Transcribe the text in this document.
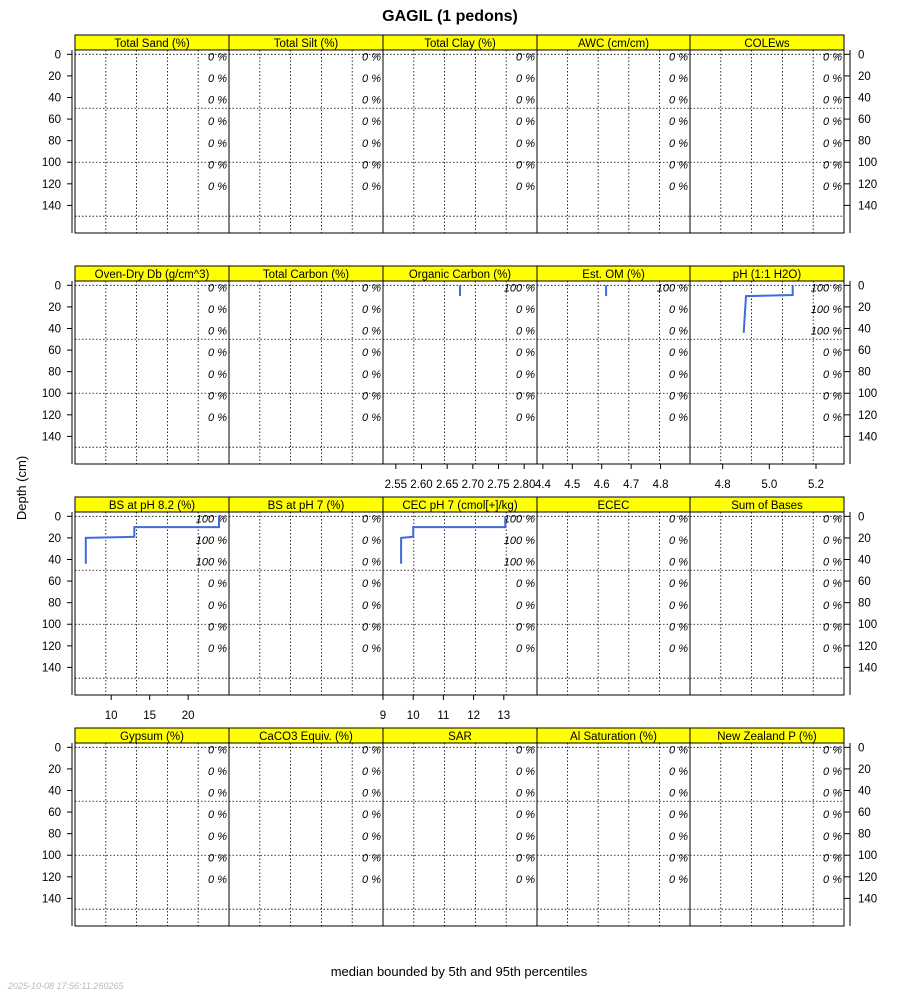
GAGIL (1 pedons)
0
20
40
60
80
100
120
140
0
20
40
60
80
100
120
140
Total Sand (%)
0 %
0 %
0 %
0 %
0 %
0 %
0 %
Total Silt (%)
0 %
0 %
0 %
0 %
0 %
0 %
0 %
Total Clay (%)
0 %
0 %
0 %
0 %
0 %
0 %
0 %
AWC (cm/cm)
0 %
0 %
0 %
0 %
0 %
0 %
0 %
COLEws
0 %
0 %
0 %
0 %
0 %
0 %
0 %
0
20
40
60
80
100
120
140
0
20
40
60
80
100
120
140
Oven-Dry Db (g/cm^3)
0 %
0 %
0 %
0 %
0 %
0 %
0 %
Total Carbon (%)
0 %
0 %
0 %
0 %
0 %
0 %
0 %
Organic Carbon (%)
100 %
0 %
0 %
0 %
0 %
0 %
0 %
2.55 2.60 2.65 2.70 2.75 2.80
Est. OM (%)
100 %
0 %
0 %
0 %
0 %
0 %
0 %
4.4 4.5 4.6 4.7 4.8
pH (1:1 H2O)
100 %
100 %
100 %
0 %
0 %
0 %
0 %
4.8	5.0	5.2
0
20
40
60
80
100
120
140
0
20
40
60
80
100
120
140
BS at pH 8.2 (%)
100 %
100 %
100 %
0 %
0 %
0 %
0 %
10 15 20
BS at pH 7 (%)
0 %
0 %
0 %
0 %
0 %
0 %
0 %
CEC pH 7 (cmol[+]/kg)
100 %
100 %
100 %
0 %
0 %
0 %
0 %
9 10 11 12 13
ECEC
0 %
0 %
0 %
0 %
0 %
0 %
0 %
Sum of Bases
0 %
0 %
0 %
0 %
0 %
0 %
0 %
0
20
40
60
80
100
120
140
0
20
40
60
80
100
120
140
Gypsum (%)
0 %
0 %
0 %
0 %
0 %
0 %
0 %
CaCO3 Equiv. (%)
0 %
0 %
0 %
0 %
0 %
0 %
0 %
SAR
0 %
0 %
0 %
0 %
0 %
0 %
0 %
Al Saturation (%)
0 %
0 %
0 %
0 %
0 %
0 %
0 %
New Zealand P (%)
0 %
0 %
0 %
0 %
0 %
0 %
0 %
Depth (cm)
median bounded by 5th and 95th percentiles
2025-10-08 17:56:11.260265
